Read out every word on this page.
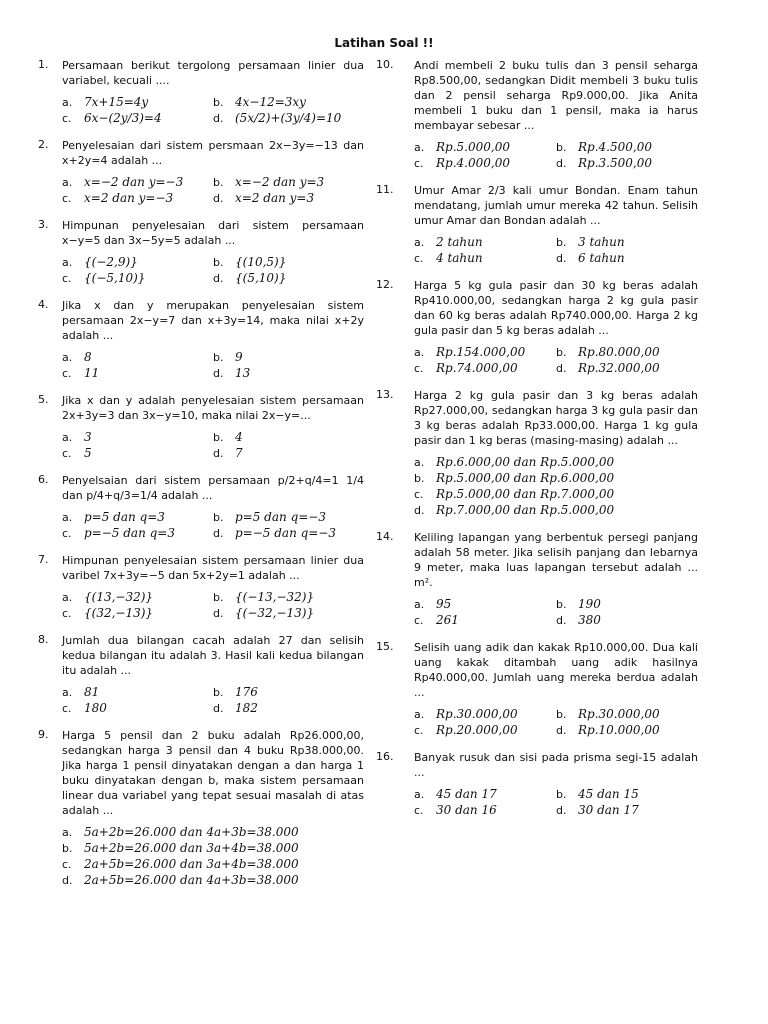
Latihan Soal !!
1.	Persamaan berikut tergolong persamaan linier dua variabel, kecuali ....
a. 7x+15=4y	b. 4x−12=3xy
c.	6x−(2y/3)=4	d. (5x/2)+(3y/4)=10
2.	Penyelesaian dari sistem persmaan 2x−3y=−13 dan x+2y=4 adalah ...
a. x=−2 dan y=−3	b. x=−2 dan y=3
c.	x=2 dan y=−3	d. x=2 dan y=3
3.	Himpunan penyelesaian dari sistem persamaan x−y=5 dan 3x−5y=5 adalah ...
a. {(−2,9)}	b. {(10,5)}
c.	{(−5,10)}	d. {(5,10)}
4.	Jika x dan y merupakan penyelesaian sistem persamaan 2x−y=7 dan x+3y=14, maka nilai x+2y adalah ...
a. 8	b. 9
c.	11	d. 13
5.	Jika x dan y adalah penyelesaian sistem persamaan 2x+3y=3 dan 3x−y=10, maka nilai 2x−y=...
a. 3	b. 4
c.	5	d. 7
6.	Penyelsaian dari sistem persamaan p/2+q/4=1 1/4 dan p/4+q/3=1/4 adalah ...
a. p=5 dan q=3	b. p=5 dan q=−3
c.	p=−5 dan q=3	d. p=−5 dan q=−3
7.	Himpunan penyelesaian sistem persamaan linier dua varibel 7x+3y=−5 dan 5x+2y=1 adalah ...
a. {(13,−32)}	b. {(−13,−32)}
c.	{(32,−13)}	d. {(−32,−13)}
8.	Jumlah dua bilangan cacah adalah 27 dan selisih kedua bilangan itu adalah 3. Hasil kali kedua bilangan itu adalah ...
a. 81	b. 176
c.	180	d. 182
9.	Harga 5 pensil dan 2 buku adalah Rp26.000,00, sedangkan harga 3 pensil dan 4 buku Rp38.000,00. Jika harga 1 pensil dinyatakan dengan a dan harga 1 buku dinyatakan dengan b, maka sistem persamaan linear dua variabel yang tepat sesuai masalah di atas adalah ...
a. 5a+2b=26.000 dan 4a+3b=38.000
b. 5a+2b=26.000 dan 3a+4b=38.000
c.	2a+5b=26.000 dan 3a+4b=38.000
d. 2a+5b=26.000 dan 4a+3b=38.000
10.	Andi membeli 2 buku tulis dan 3 pensil seharga Rp8.500,00, sedangkan Didit membeli 3 buku tulis dan 2 pensil seharga Rp9.000,00. Jika Anita membeli 1 buku dan 1 pensil, maka ia harus membayar sebesar ...
a. Rp.5.000,00	b. Rp.4.500,00
c.	Rp.4.000,00	d. Rp.3.500,00
11.	Umur Amar 2/3 kali umur Bondan. Enam tahun mendatang, jumlah umur mereka 42 tahun. Selisih umur Amar dan Bondan adalah ...
a. 2 tahun	b. 3 tahun
c.	4 tahun	d. 6 tahun
12.	Harga 5 kg gula pasir dan 30 kg beras adalah Rp410.000,00, sedangkan harga 2 kg gula pasir dan 60 kg beras adalah Rp740.000,00. Harga 2 kg gula pasir dan 5 kg beras adalah ...
a. Rp.154.000,00	b. Rp.80.000,00
c.	Rp.74.000,00	d. Rp.32.000,00
13.	Harga 2 kg gula pasir dan 3 kg beras adalah Rp27.000,00, sedangkan harga 3 kg gula pasir dan 3 kg beras adalah Rp33.000,00. Harga 1 kg gula pasir dan 1 kg beras (masing-masing) adalah ...
a. Rp.6.000,00 dan Rp.5.000,00
b. Rp.5.000,00 dan Rp.6.000,00
c.	Rp.5.000,00 dan Rp.7.000,00
d. Rp.7.000,00 dan Rp.5.000,00
14.	Keliling lapangan yang berbentuk persegi panjang adalah 58 meter. Jika selisih panjang dan lebarnya 9 meter, maka luas lapangan tersebut adalah ... m².
a. 95	b. 190
c.	261	d. 380
15.	Selisih uang adik dan kakak Rp10.000,00. Dua kali uang kakak ditambah uang adik hasilnya Rp40.000,00. Jumlah uang mereka berdua adalah ...
a. Rp.30.000,00	b. Rp.30.000,00
c.	Rp.20.000,00	d. Rp.10.000,00
16.	Banyak rusuk dan sisi pada prisma segi-15 adalah ...
a. 45 dan 17	b. 45 dan 15
c.	30 dan 16	d. 30 dan 17
